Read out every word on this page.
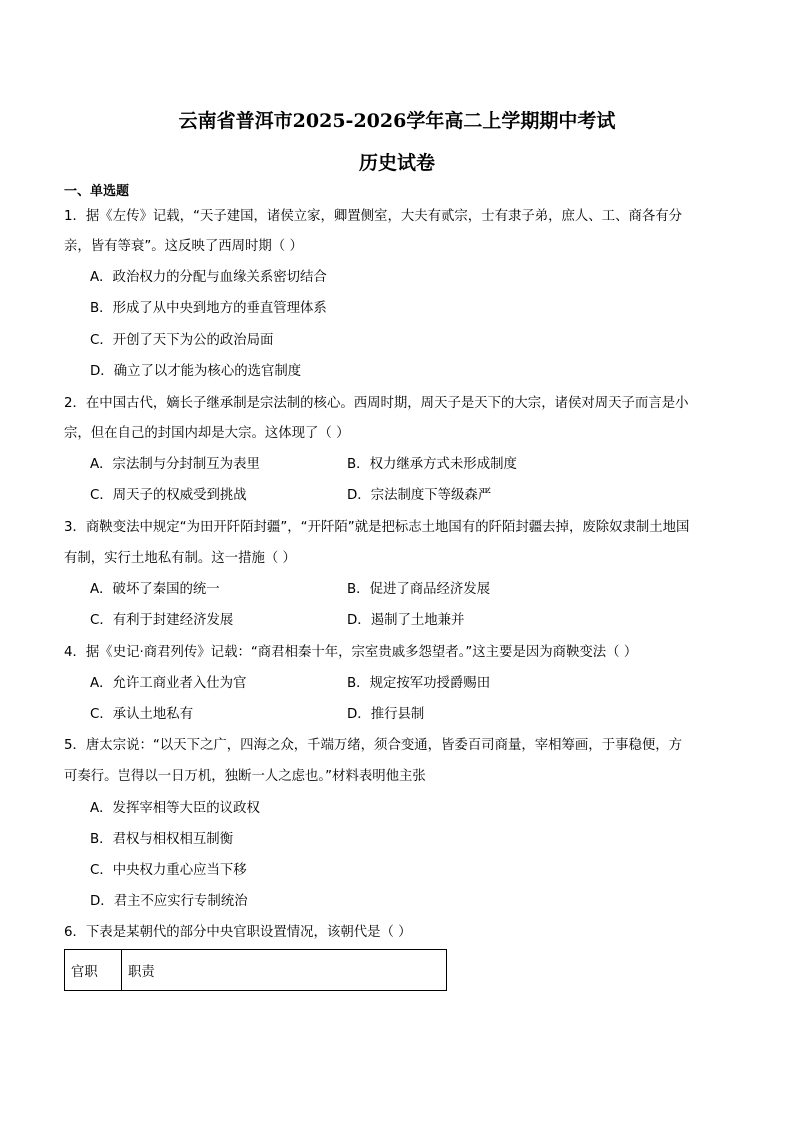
云南省普洱市2025-2026学年高二上学期期中考试
历史试卷
一、单选题
1．据《左传》记载，“天子建国，诸侯立家，卿置侧室，大夫有贰宗，士有隶子弟，庶人、工、商各有分
亲，皆有等衰”。这反映了西周时期（ ）
A．政治权力的分配与血缘关系密切结合
B．形成了从中央到地方的垂直管理体系
C．开创了天下为公的政治局面
D．确立了以才能为核心的选官制度
2．在中国古代，嫡长子继承制是宗法制的核心。西周时期，周天子是天下的大宗，诸侯对周天子而言是小
宗，但在自己的封国内却是大宗。这体现了（ ）
A．宗法制与分封制互为表里	B．权力继承方式未形成制度
C．周天子的权威受到挑战	D．宗法制度下等级森严
3．商鞅变法中规定“为田开阡陌封疆”，“开阡陌”就是把标志土地国有的阡陌封疆去掉，废除奴隶制土地国
有制，实行土地私有制。这一措施（ ）
A．破坏了秦国的统一	B．促进了商品经济发展
C．有利于封建经济发展	D．遏制了土地兼并
4．据《史记·商君列传》记载：“商君相秦十年，宗室贵戚多怨望者。”这主要是因为商鞅变法（ ）
A．允许工商业者入仕为官	B．规定按军功授爵赐田
C．承认土地私有	D．推行县制
5．唐太宗说：“以天下之广，四海之众，千端万绪，须合变通，皆委百司商量，宰相筹画，于事稳便，方
可奏行。岂得以一日万机，独断一人之虑也。”材料表明他主张
A．发挥宰相等大臣的议政权
B．君权与相权相互制衡
C．中央权力重心应当下移
D．君主不应实行专制统治
6．下表是某朝代的部分中央官职设置情况，该朝代是（ ）
官职	职责
